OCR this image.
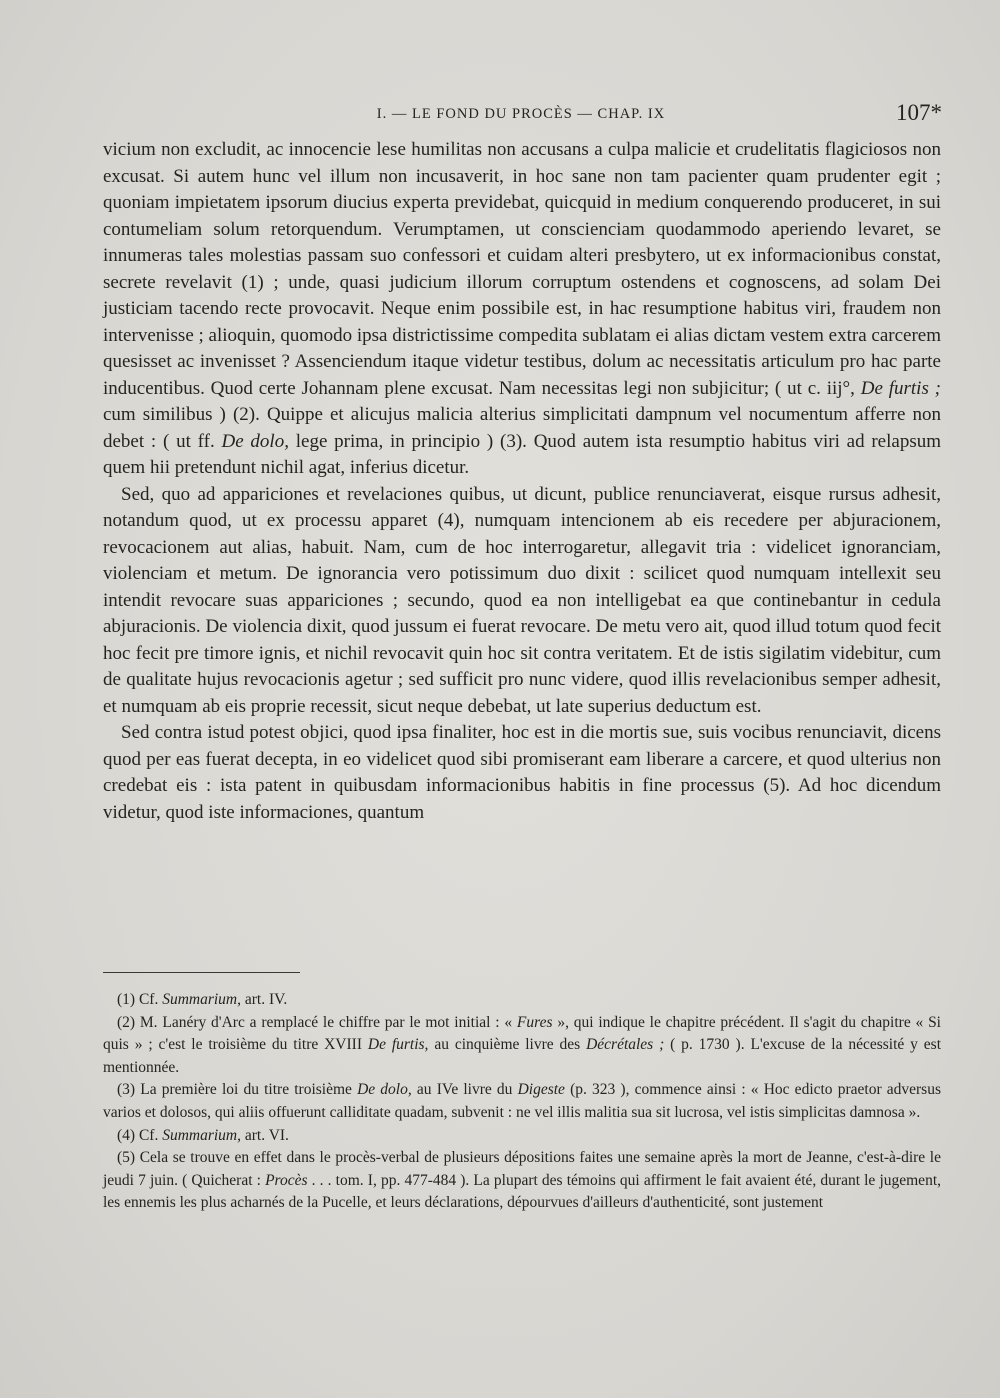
I. — LE FOND DU PROCÈS — CHAP. IX	107*

vicium non excludit, ac innocencie lese humilitas non accusans a culpa malicie et crudelitatis flagiciosos non excusat. Si autem hunc vel illum non incusaverit, in hoc sane non tam pacienter quam prudenter egit ; quoniam impietatem ipsorum diucius experta previdebat, quicquid in medium conquerendo produceret, in sui contumeliam solum retorquendum. Verumptamen, ut conscienciam quodammodo aperiendo levaret, se innumeras tales molestias passam suo confessori et cuidam alteri presbytero, ut ex informacionibus constat, secrete revelavit (1) ; unde, quasi judicium illorum corruptum ostendens et cognoscens, ad solam Dei justiciam tacendo recte provocavit. Neque enim possibile est, in hac resumptione habitus viri, fraudem non intervenisse ; alioquin, quomodo ipsa districtissime compedita sublatam ei alias dictam vestem extra carcerem quesisset ac invenisset ? Assenciendum itaque videtur testibus, dolum ac necessitatis articulum pro hac parte inducentibus. Quod certe Johannam plene excusat. Nam necessitas legi non subjicitur; ( ut c. iij°, De furtis ; cum similibus ) (2). Quippe et alicujus malicia alterius simplicitati dampnum vel nocumentum afferre non debet : ( ut ff. De dolo, lege prima, in principio ) (3). Quod autem ista resumptio habitus viri ad relapsum quem hii pretendunt nichil agat, inferius dicetur.

Sed, quo ad appariciones et revelaciones quibus, ut dicunt, publice renunciaverat, eisque rursus adhesit, notandum quod, ut ex processu apparet (4), numquam intencionem ab eis recedere per abjuracionem, revocacionem aut alias, habuit. Nam, cum de hoc interrogaretur, allegavit tria : videlicet ignoranciam, violenciam et metum. De ignorancia vero potissimum duo dixit : scilicet quod numquam intellexit seu intendit revocare suas appariciones ; secundo, quod ea non intelligebat ea que continebantur in cedula abjuracionis. De violencia dixit, quod jussum ei fuerat revocare. De metu vero ait, quod illud totum quod fecit hoc fecit pre timore ignis, et nichil revocavit quin hoc sit contra veritatem. Et de istis sigilatim videbitur, cum de qualitate hujus revocacionis agetur ; sed sufficit pro nunc videre, quod illis revelacionibus semper adhesit, et numquam ab eis proprie recessit, sicut neque debebat, ut late superius deductum est.

Sed contra istud potest objici, quod ipsa finaliter, hoc est in die mortis sue, suis vocibus renunciavit, dicens quod per eas fuerat decepta, in eo videlicet quod sibi promiserant eam liberare a carcere, et quod ulterius non credebat eis : ista patent in quibusdam informacionibus habitis in fine processus (5). Ad hoc dicendum videtur, quod iste informaciones, quantum

(1) Cf. Summarium, art. IV.

(2) M. Lanéry d'Arc a remplacé le chiffre par le mot initial : « Fures », qui indique le chapitre précédent. Il s'agit du chapitre « Si quis » ; c'est le troisième du titre XVIII De furtis, au cinquième livre des Décrétales ; ( p. 1730 ). L'excuse de la nécessité y est mentionnée.

(3) La première loi du titre troisième De dolo, au IVe livre du Digeste (p. 323 ), commence ainsi : « Hoc edicto praetor adversus varios et dolosos, qui aliis offuerunt calliditate quadam, subvenit : ne vel illis malitia sua sit lucrosa, vel istis simplicitas damnosa ».

(4) Cf. Summarium, art. VI.

(5) Cela se trouve en effet dans le procès-verbal de plusieurs dépositions faites une semaine après la mort de Jeanne, c'est-à-dire le jeudi 7 juin. ( Quicherat : Procès . . . tom. I, pp. 477-484 ). La plupart des témoins qui affirment le fait avaient été, durant le jugement, les ennemis les plus acharnés de la Pucelle, et leurs déclarations, dépourvues d'ailleurs d'authenticité, sont justement
